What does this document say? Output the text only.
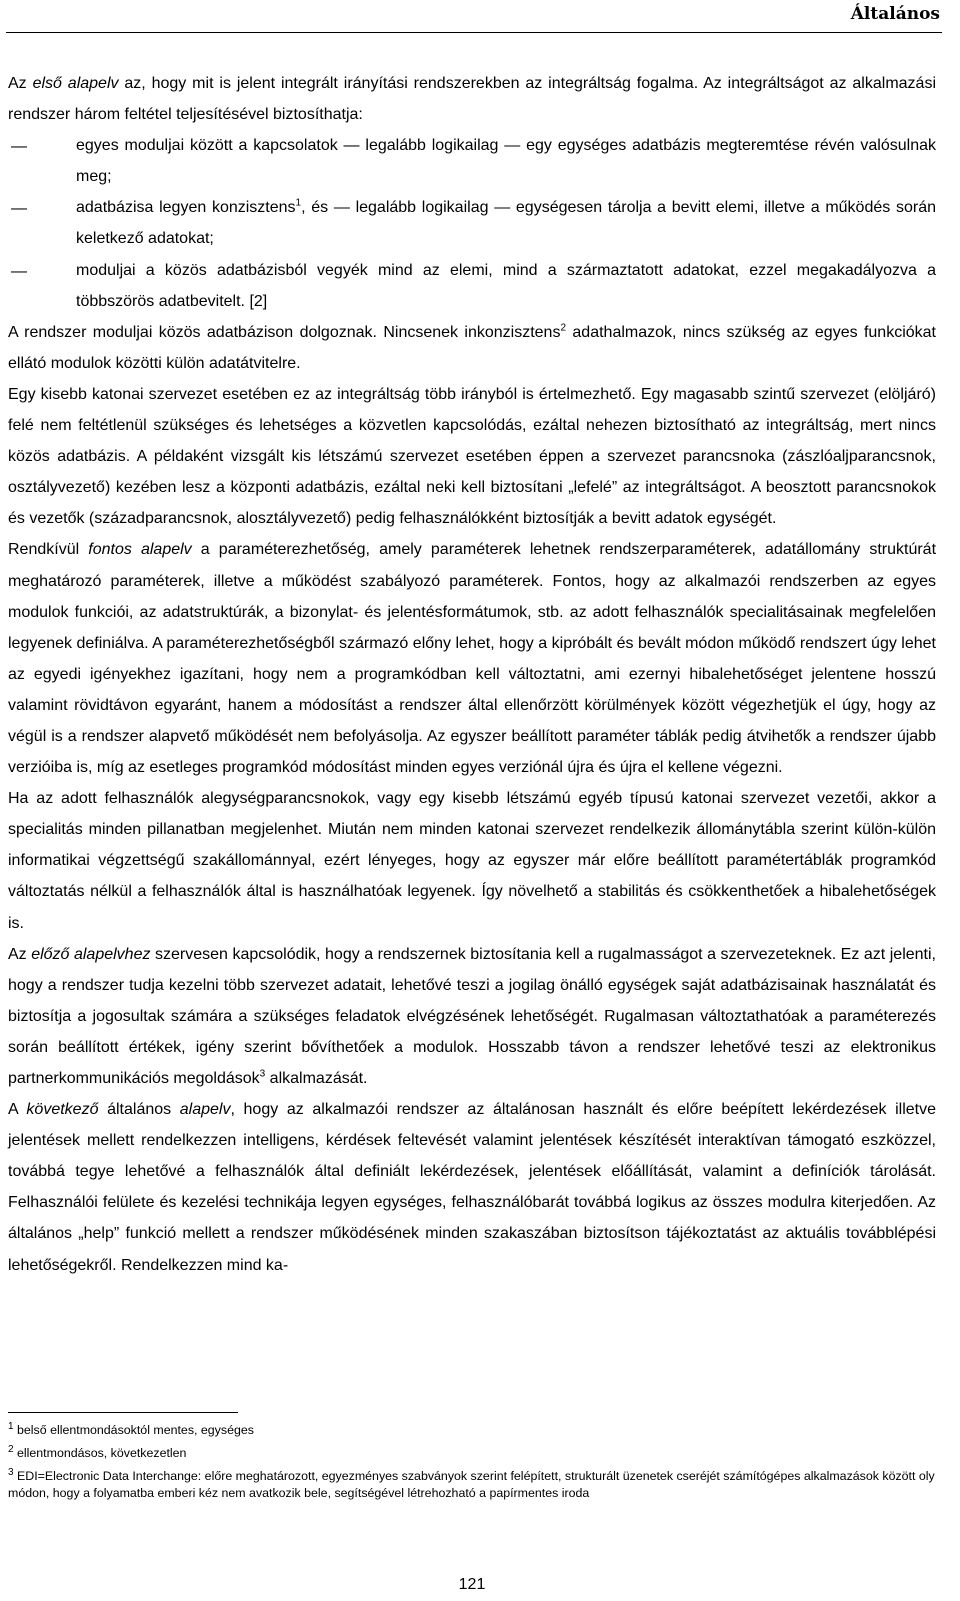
Általános

Az első alapelv az, hogy mit is jelent integrált irányítási rendszerekben az integráltság fogalma. Az integráltságot az alkalmazási rendszer három feltétel teljesítésével biztosíthatja:

—	egyes moduljai között a kapcsolatok — legalább logikailag — egy egységes adatbázis megteremtése révén valósulnak meg;
—	adatbázisa legyen konzisztens$^1$, és — legalább logikailag — egységesen tárolja a bevitt elemi, illetve a működés során keletkező adatokat;
—	moduljai a közös adatbázisból vegyék mind az elemi, mind a származtatott adatokat, ezzel megakadályozva a többszörös adatbevitelt. [2]

A rendszer moduljai közös adatbázison dolgoznak. Nincsenek inkonzisztens$^2$ adathalmazok, nincs szükség az egyes funkciókat ellátó modulok közötti külön adatátvitelre.

Egy kisebb katonai szervezet esetében ez az integráltság több irányból is értelmezhető. Egy magasabb szintű szervezet (elöljáró) felé nem feltétlenül szükséges és lehetséges a közvetlen kapcsolódás, ezáltal nehezen biztosítható az integráltság, mert nincs közös adatbázis. A példaként vizsgált kis létszámú szervezet esetében éppen a szervezet parancsnoka (zászlóaljparancsnok, osztályvezető) kezében lesz a központi adatbázis, ezáltal neki kell biztosítani „lefelé” az integráltságot. A beosztott parancsnokok és vezetők (századparancsnok, alosztályvezető) pedig felhasználókként biztosítják a bevitt adatok egységét.

Rendkívül fontos alapelv a paraméterezhetőség, amely paraméterek lehetnek rendszerparaméterek, adatállomány struktúrát meghatározó paraméterek, illetve a működést szabályozó paraméterek. Fontos, hogy az alkalmazói rendszerben az egyes modulok funkciói, az adatstruktúrák, a bizonylat- és jelentésformátumok, stb. az adott felhasználók specialitásainak megfelelően legyenek definiálva. A paraméterezhetőségből származó előny lehet, hogy a kipróbált és bevált módon működő rendszert úgy lehet az egyedi igényekhez igazítani, hogy nem a programkódban kell változtatni, ami ezernyi hibalehetőséget jelentene hosszú valamint rövidtávon egyaránt, hanem a módosítást a rendszer által ellenőrzött körülmények között végezhetjük el úgy, hogy az végül is a rendszer alapvető működését nem befolyásolja. Az egyszer beállított paraméter táblák pedig átvihetők a rendszer újabb verzióiba is, míg az esetleges programkód módosítást minden egyes verziónál újra és újra el kellene végezni.

Ha az adott felhasználók alegységparancsnokok, vagy egy kisebb létszámú egyéb típusú katonai szervezet vezetői, akkor a specialitás minden pillanatban megjelenhet. Miután nem minden katonai szervezet rendelkezik állománytábla szerint külön-külön informatikai végzettségű szakállománnyal, ezért lényeges, hogy az egyszer már előre beállított paramétertáblák programkód változtatás nélkül a felhasználók által is használhatóak legyenek. Így növelhető a stabilitás és csökkenthetőek a hibalehetőségek is.

Az előző alapelvhez szervesen kapcsolódik, hogy a rendszernek biztosítania kell a rugalmasságot a szervezeteknek. Ez azt jelenti, hogy a rendszer tudja kezelni több szervezet adatait, lehetővé teszi a jogilag önálló egységek saját adatbázisainak használatát és biztosítja a jogosultak számára a szükséges feladatok elvégzésének lehetőségét. Rugalmasan változtathatóak a paraméterezés során beállított értékek, igény szerint bővíthetőek a modulok. Hosszabb távon a rendszer lehetővé teszi az elektronikus partnerkommunikációs megoldások$^3$ alkalmazását.

A következő általános alapelv, hogy az alkalmazói rendszer az általánosan használt és előre beépített lekérdezések illetve jelentések mellett rendelkezzen intelligens, kérdések feltevését valamint jelentések készítését interaktívan támogató eszközzel, továbbá tegye lehetővé a felhasználók által definiált lekérdezések, jelentések előállítását, valamint a definíciók tárolását. Felhasználói felülete és kezelési technikája legyen egységes, felhasználóbarát továbbá logikus az összes modulra kiterjedően. Az általános „help” funkció mellett a rendszer működésének minden szakaszában biztosítson tájékoztatást az aktuális továbblépési lehetőségekről. Rendelkezzen mind ka-

$^1$ belső ellentmondásoktól mentes, egységes

$^2$ ellentmondásos, következetlen

$^3$ EDI=Electronic Data Interchange: előre meghatározott, egyezményes szabványok szerint felépített, strukturált üzenetek cseréjét számítógépes alkalmazások között oly módon, hogy a folyamatba emberi kéz nem avatkozik bele, segítségével létrehozható a papírmentes iroda

121
